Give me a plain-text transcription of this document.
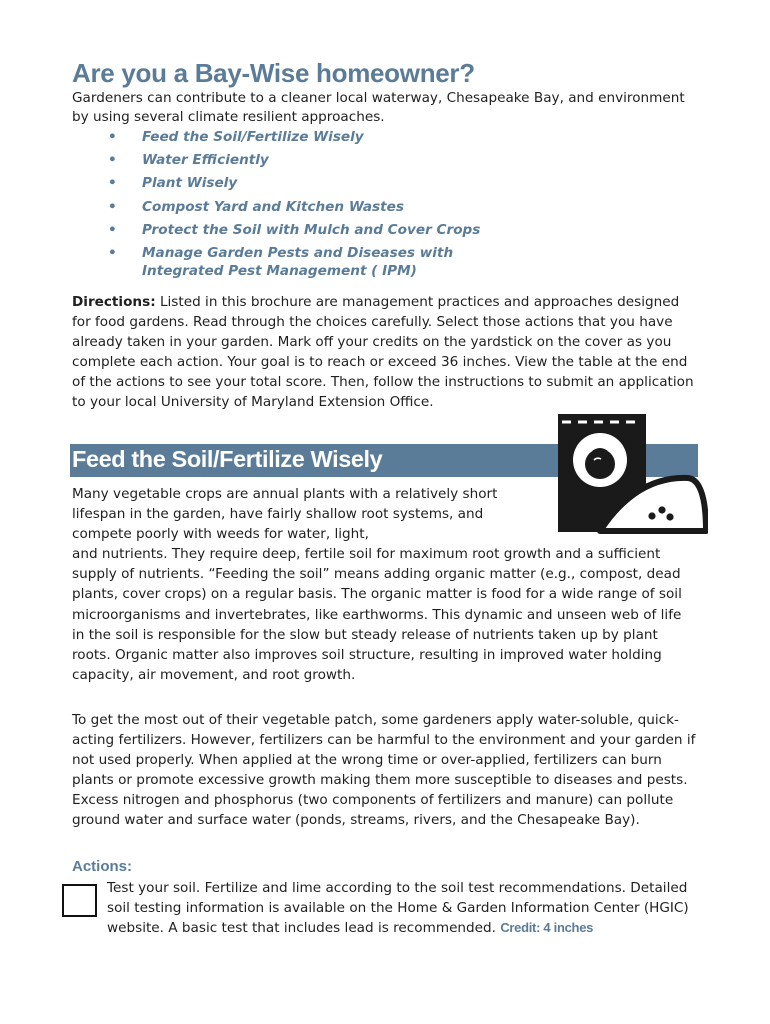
Are you a Bay-Wise homeowner?
Gardeners can contribute to a cleaner local waterway, Chesapeake Bay, and environment by using several climate resilient approaches.
• Feed the Soil/Fertilize Wisely
• Water Efficiently
• Plant Wisely
• Compost Yard and Kitchen Wastes
• Protect the Soil with Mulch and Cover Crops
• Manage Garden Pests and Diseases with Integrated Pest Management ( IPM)
Directions: Listed in this brochure are management practices and approaches designed for food gardens. Read through the choices carefully. Select those actions that you have already taken in your garden. Mark off your credits on the yardstick on the cover as you complete each action. Your goal is to reach or exceed 36 inches. View the table at the end of the actions to see your total score. Then, follow the instructions to submit an application to your local University of Maryland Extension Office.
Feed the Soil/Fertilize Wisely
Many vegetable crops are annual plants with a relatively short lifespan in the garden, have fairly shallow root systems, and compete poorly with weeds for water, light,
and nutrients. They require deep, fertile soil for maximum root growth and a sufficient supply of nutrients. “Feeding the soil” means adding organic matter (e.g., compost, dead plants, cover crops) on a regular basis. The organic matter is food for a wide range of soil microorganisms and invertebrates, like earthworms. This dynamic and unseen web of life in the soil is responsible for the slow but steady release of nutrients taken up by plant roots. Organic matter also improves soil structure, resulting in improved water holding capacity, air movement, and root growth.
To get the most out of their vegetable patch, some gardeners apply water-soluble, quick-acting fertilizers. However, fertilizers can be harmful to the environment and your garden if not used properly. When applied at the wrong time or over-applied, fertilizers can burn plants or promote excessive growth making them more susceptible to diseases and pests. Excess nitrogen and phosphorus (two components of fertilizers and manure) can pollute ground water and surface water (ponds, streams, rivers, and the Chesapeake Bay).
Actions:
Test your soil. Fertilize and lime according to the soil test recommendations. Detailed soil testing information is available on the Home & Garden Information Center (HGIC) website. A basic test that includes lead is recommended. Credit: 4 inches
